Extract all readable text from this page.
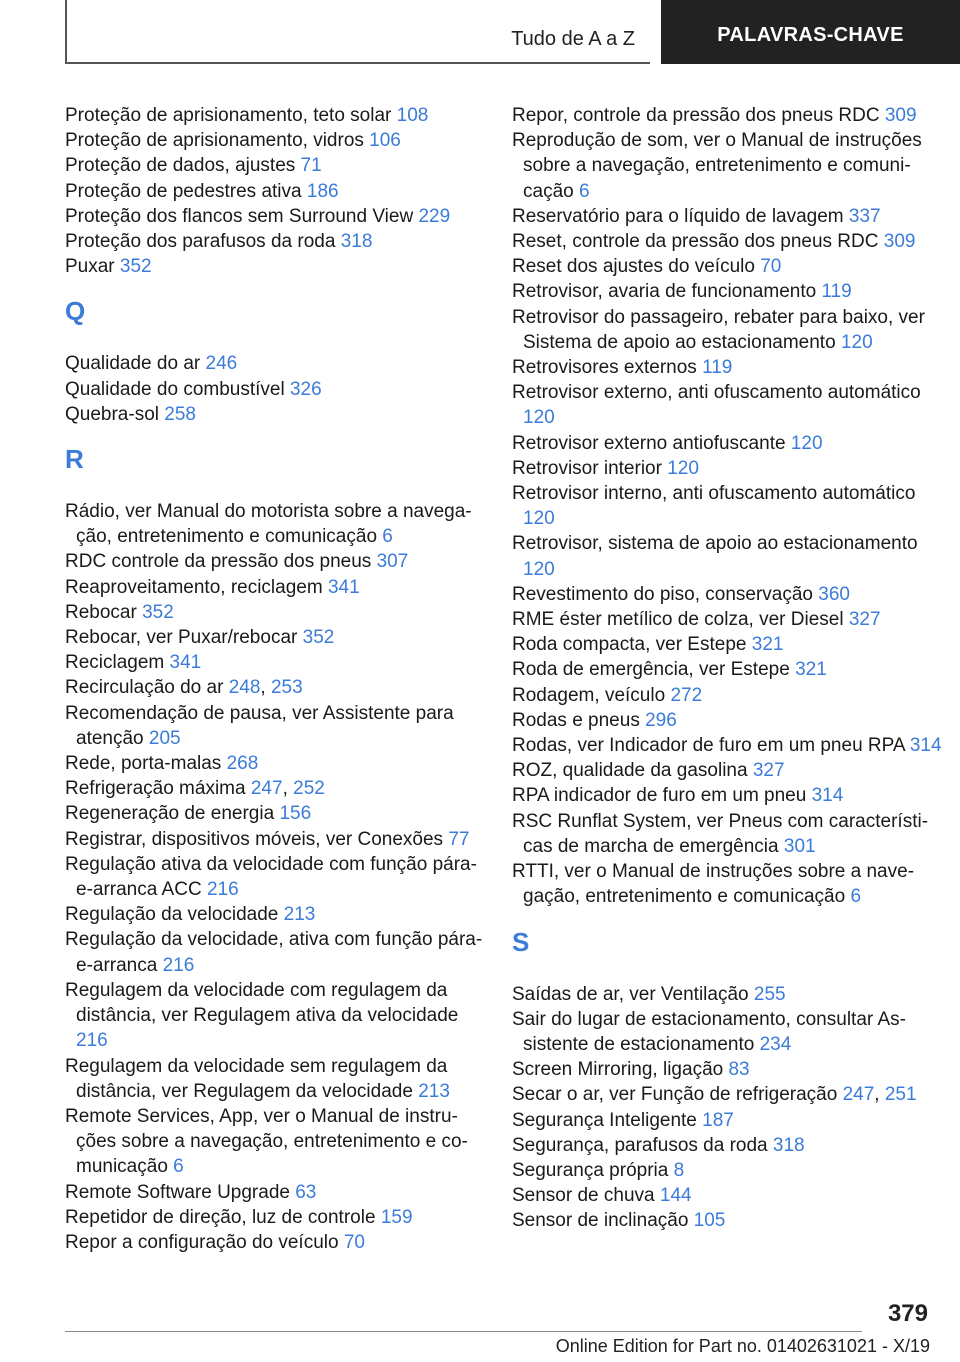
Tudo de A a Z	PALAVRAS-CHAVE
Proteção de aprisionamento, teto solar 108
Proteção de aprisionamento, vidros 106
Proteção de dados, ajustes 71
Proteção de pedestres ativa 186
Proteção dos flancos sem Surround View 229
Proteção dos parafusos da roda 318
Puxar 352
Q
Qualidade do ar 246
Qualidade do combustível 326
Quebra-sol 258
R
Rádio, ver Manual do motorista sobre a navegação, entretenimento e comunicação 6
RDC controle da pressão dos pneus 307
Reaproveitamento, reciclagem 341
Rebocar 352
Rebocar, ver Puxar/rebocar 352
Reciclagem 341
Recirculação do ar 248, 253
Recomendação de pausa, ver Assistente para atenção 205
Rede, porta-malas 268
Refrigeração máxima 247, 252
Regeneração de energia 156
Registrar, dispositivos móveis, ver Conexões 77
Regulação ativa da velocidade com função pára-e-arranca ACC 216
Regulação da velocidade 213
Regulação da velocidade, ativa com função pára-e-arranca 216
Regulagem da velocidade com regulagem da distância, ver Regulagem ativa da velocidade 216
Regulagem da velocidade sem regulagem da distância, ver Regulagem da velocidade 213
Remote Services, App, ver o Manual de instruções sobre a navegação, entretenimento e comunicação 6
Remote Software Upgrade 63
Repetidor de direção, luz de controle 159
Repor a configuração do veículo 70
Repor, controle da pressão dos pneus RDC 309
Reprodução de som, ver o Manual de instruções sobre a navegação, entretenimento e comunicação 6
Reservatório para o líquido de lavagem 337
Reset, controle da pressão dos pneus RDC 309
Reset dos ajustes do veículo 70
Retrovisor, avaria de funcionamento 119
Retrovisor do passageiro, rebater para baixo, ver Sistema de apoio ao estacionamento 120
Retrovisores externos 119
Retrovisor externo, anti ofuscamento automático 120
Retrovisor externo antiofuscante 120
Retrovisor interior 120
Retrovisor interno, anti ofuscamento automático 120
Retrovisor, sistema de apoio ao estacionamento 120
Revestimento do piso, conservação 360
RME éster metílico de colza, ver Diesel 327
Roda compacta, ver Estepe 321
Roda de emergência, ver Estepe 321
Rodagem, veículo 272
Rodas e pneus 296
Rodas, ver Indicador de furo em um pneu RPA 314
ROZ, qualidade da gasolina 327
RPA indicador de furo em um pneu 314
RSC Runflat System, ver Pneus com características de marcha de emergência 301
RTTI, ver o Manual de instruções sobre a navegação, entretenimento e comunicação 6
S
Saídas de ar, ver Ventilação 255
Sair do lugar de estacionamento, consultar Assistente de estacionamento 234
Screen Mirroring, ligação 83
Secar o ar, ver Função de refrigeração 247, 251
Segurança Inteligente 187
Segurança, parafusos da roda 318
Segurança própria 8
Sensor de chuva 144
Sensor de inclinação 105
379
Online Edition for Part no. 01402631021 - X/19
